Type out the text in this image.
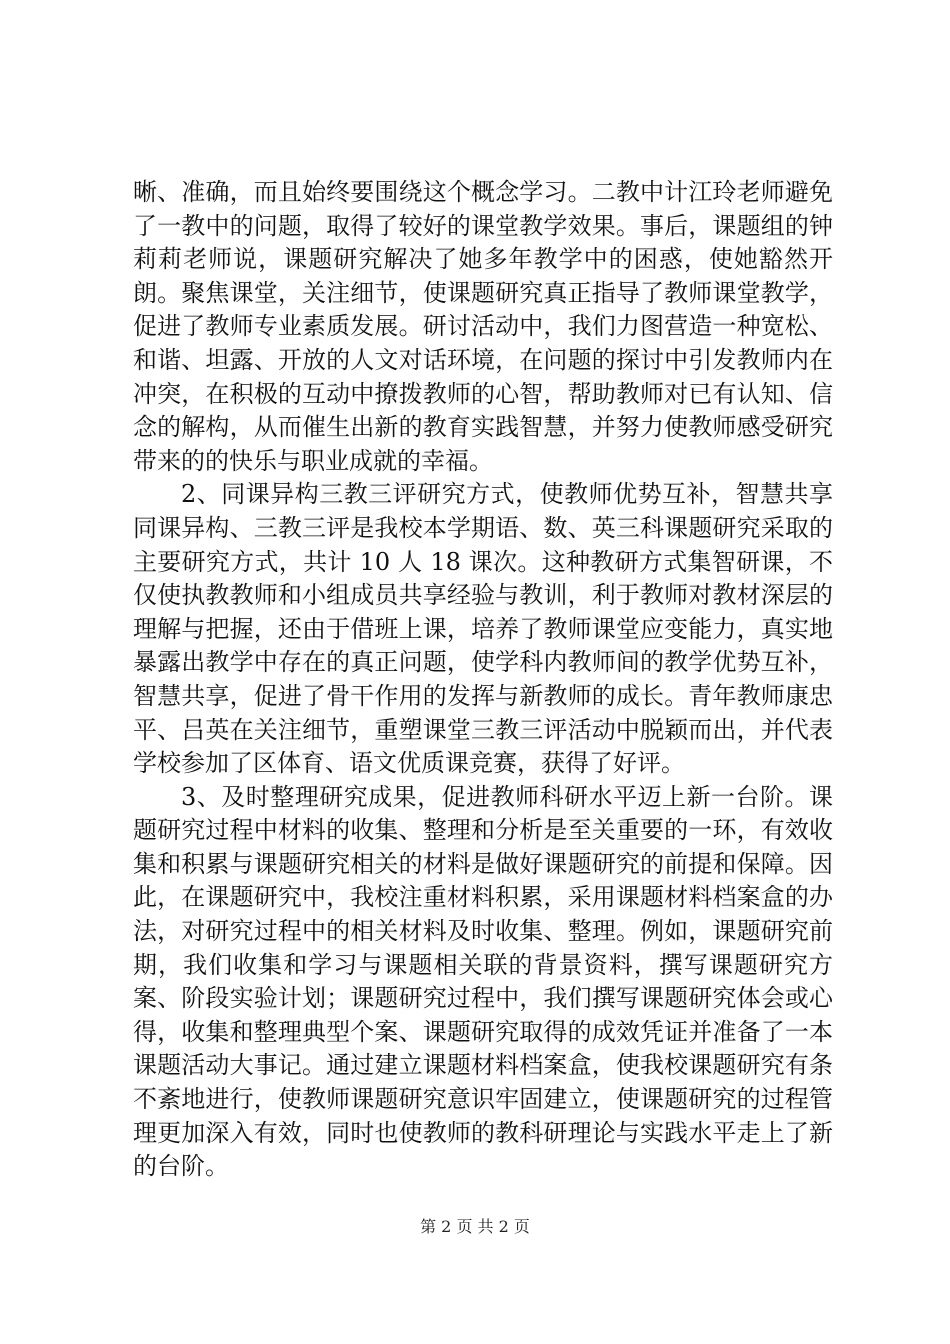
晰、准确，而且始终要围绕这个概念学习。二教中计江玲老师避免了一教中的问题，取得了较好的课堂教学效果。事后，课题组的钟莉莉老师说，课题研究解决了她多年教学中的困惑，使她豁然开朗。聚焦课堂，关注细节，使课题研究真正指导了教师课堂教学，促进了教师专业素质发展。研讨活动中，我们力图营造一种宽松、和谐、坦露、开放的人文对话环境，在问题的探讨中引发教师内在冲突，在积极的互动中撩拨教师的心智，帮助教师对已有认知、信念的解构，从而催生出新的教育实践智慧，并努力使教师感受研究带来的的快乐与职业成就的幸福。

2、同课异构三教三评研究方式，使教师优势互补，智慧共享同课异构、三教三评是我校本学期语、数、英三科课题研究采取的主要研究方式，共计 10 人 18 课次。这种教研方式集智研课，不仅使执教教师和小组成员共享经验与教训，利于教师对教材深层的理解与把握，还由于借班上课，培养了教师课堂应变能力，真实地暴露出教学中存在的真正问题，使学科内教师间的教学优势互补，智慧共享，促进了骨干作用的发挥与新教师的成长。青年教师康忠平、吕英在关注细节，重塑课堂三教三评活动中脱颖而出，并代表学校参加了区体育、语文优质课竞赛，获得了好评。

3、及时整理研究成果，促进教师科研水平迈上新一台阶。课题研究过程中材料的收集、整理和分析是至关重要的一环，有效收集和积累与课题研究相关的材料是做好课题研究的前提和保障。因此，在课题研究中，我校注重材料积累，采用课题材料档案盒的办法，对研究过程中的相关材料及时收集、整理。例如，课题研究前期，我们收集和学习与课题相关联的背景资料，撰写课题研究方案、阶段实验计划；课题研究过程中，我们撰写课题研究体会或心得，收集和整理典型个案、课题研究取得的成效凭证并准备了一本课题活动大事记。通过建立课题材料档案盒，使我校课题研究有条不紊地进行，使教师课题研究意识牢固建立，使课题研究的过程管理更加深入有效，同时也使教师的教科研理论与实践水平走上了新的台阶。

第 2 页 共 2 页
